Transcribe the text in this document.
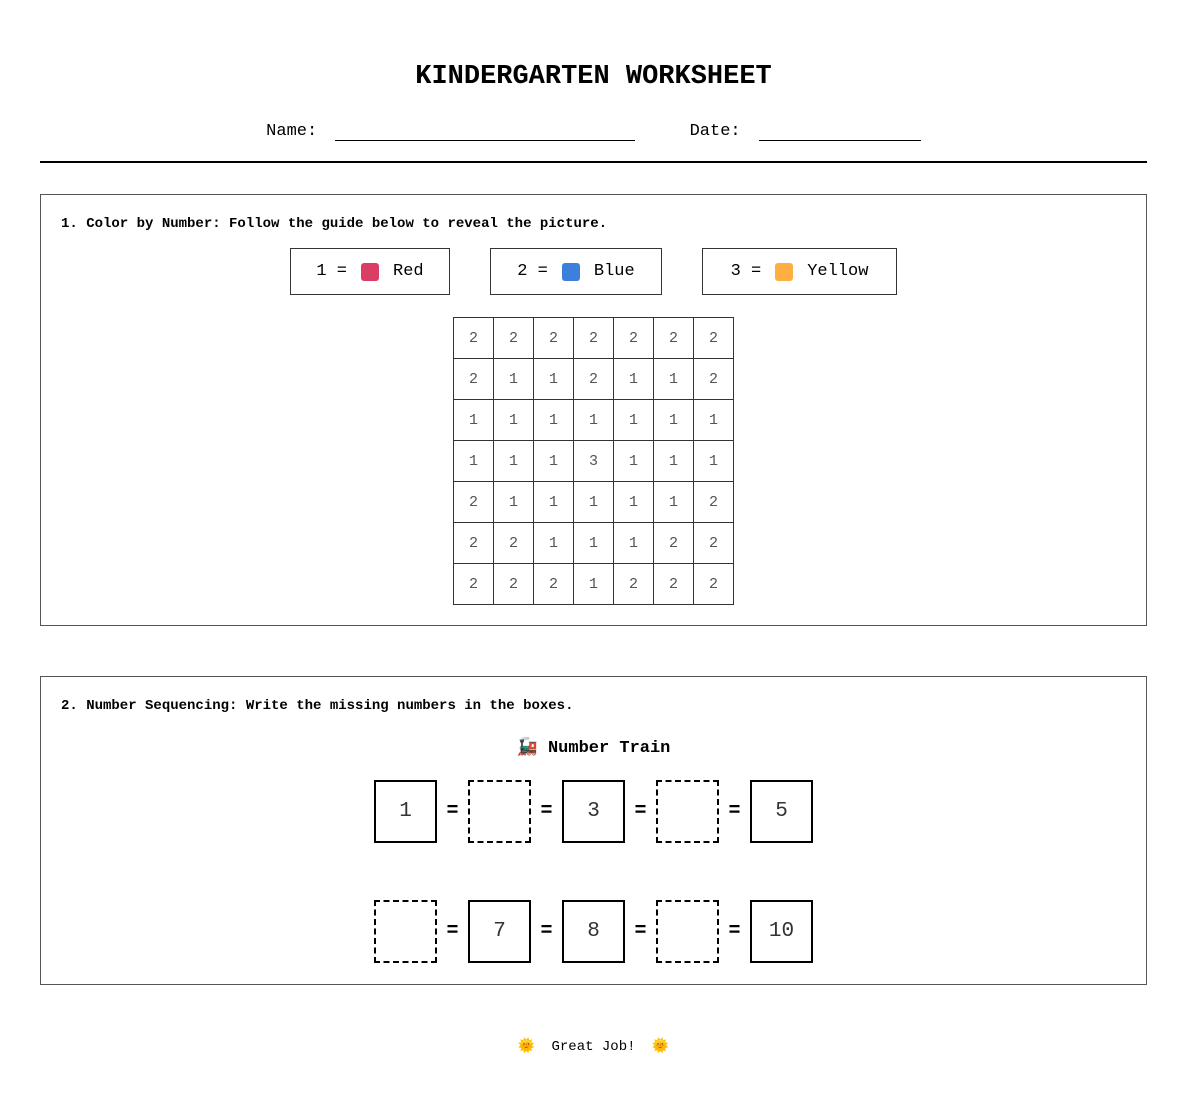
KINDERGARTEN WORKSHEET
Name:	Date:
1. Color by Number: Follow the guide below to reveal the picture.
1 =	Red	2 =	Blue	3 =	Yellow
2	2	2	2	2	2	2
2	1	1	2	1	1	2
1	1	1	1	1	1	1
1	1	1	3	1	1	1
2	1	1	1	1	1	2
2	2	1	1	1	2	2
2	2	2	1	2	2	2
2. Number Sequencing: Write the missing numbers in the boxes.
🚂 Number Train
1	=	=	3	=	=	5
=	7	=	8	=	=	10
🌞 Great Job! 🌞
